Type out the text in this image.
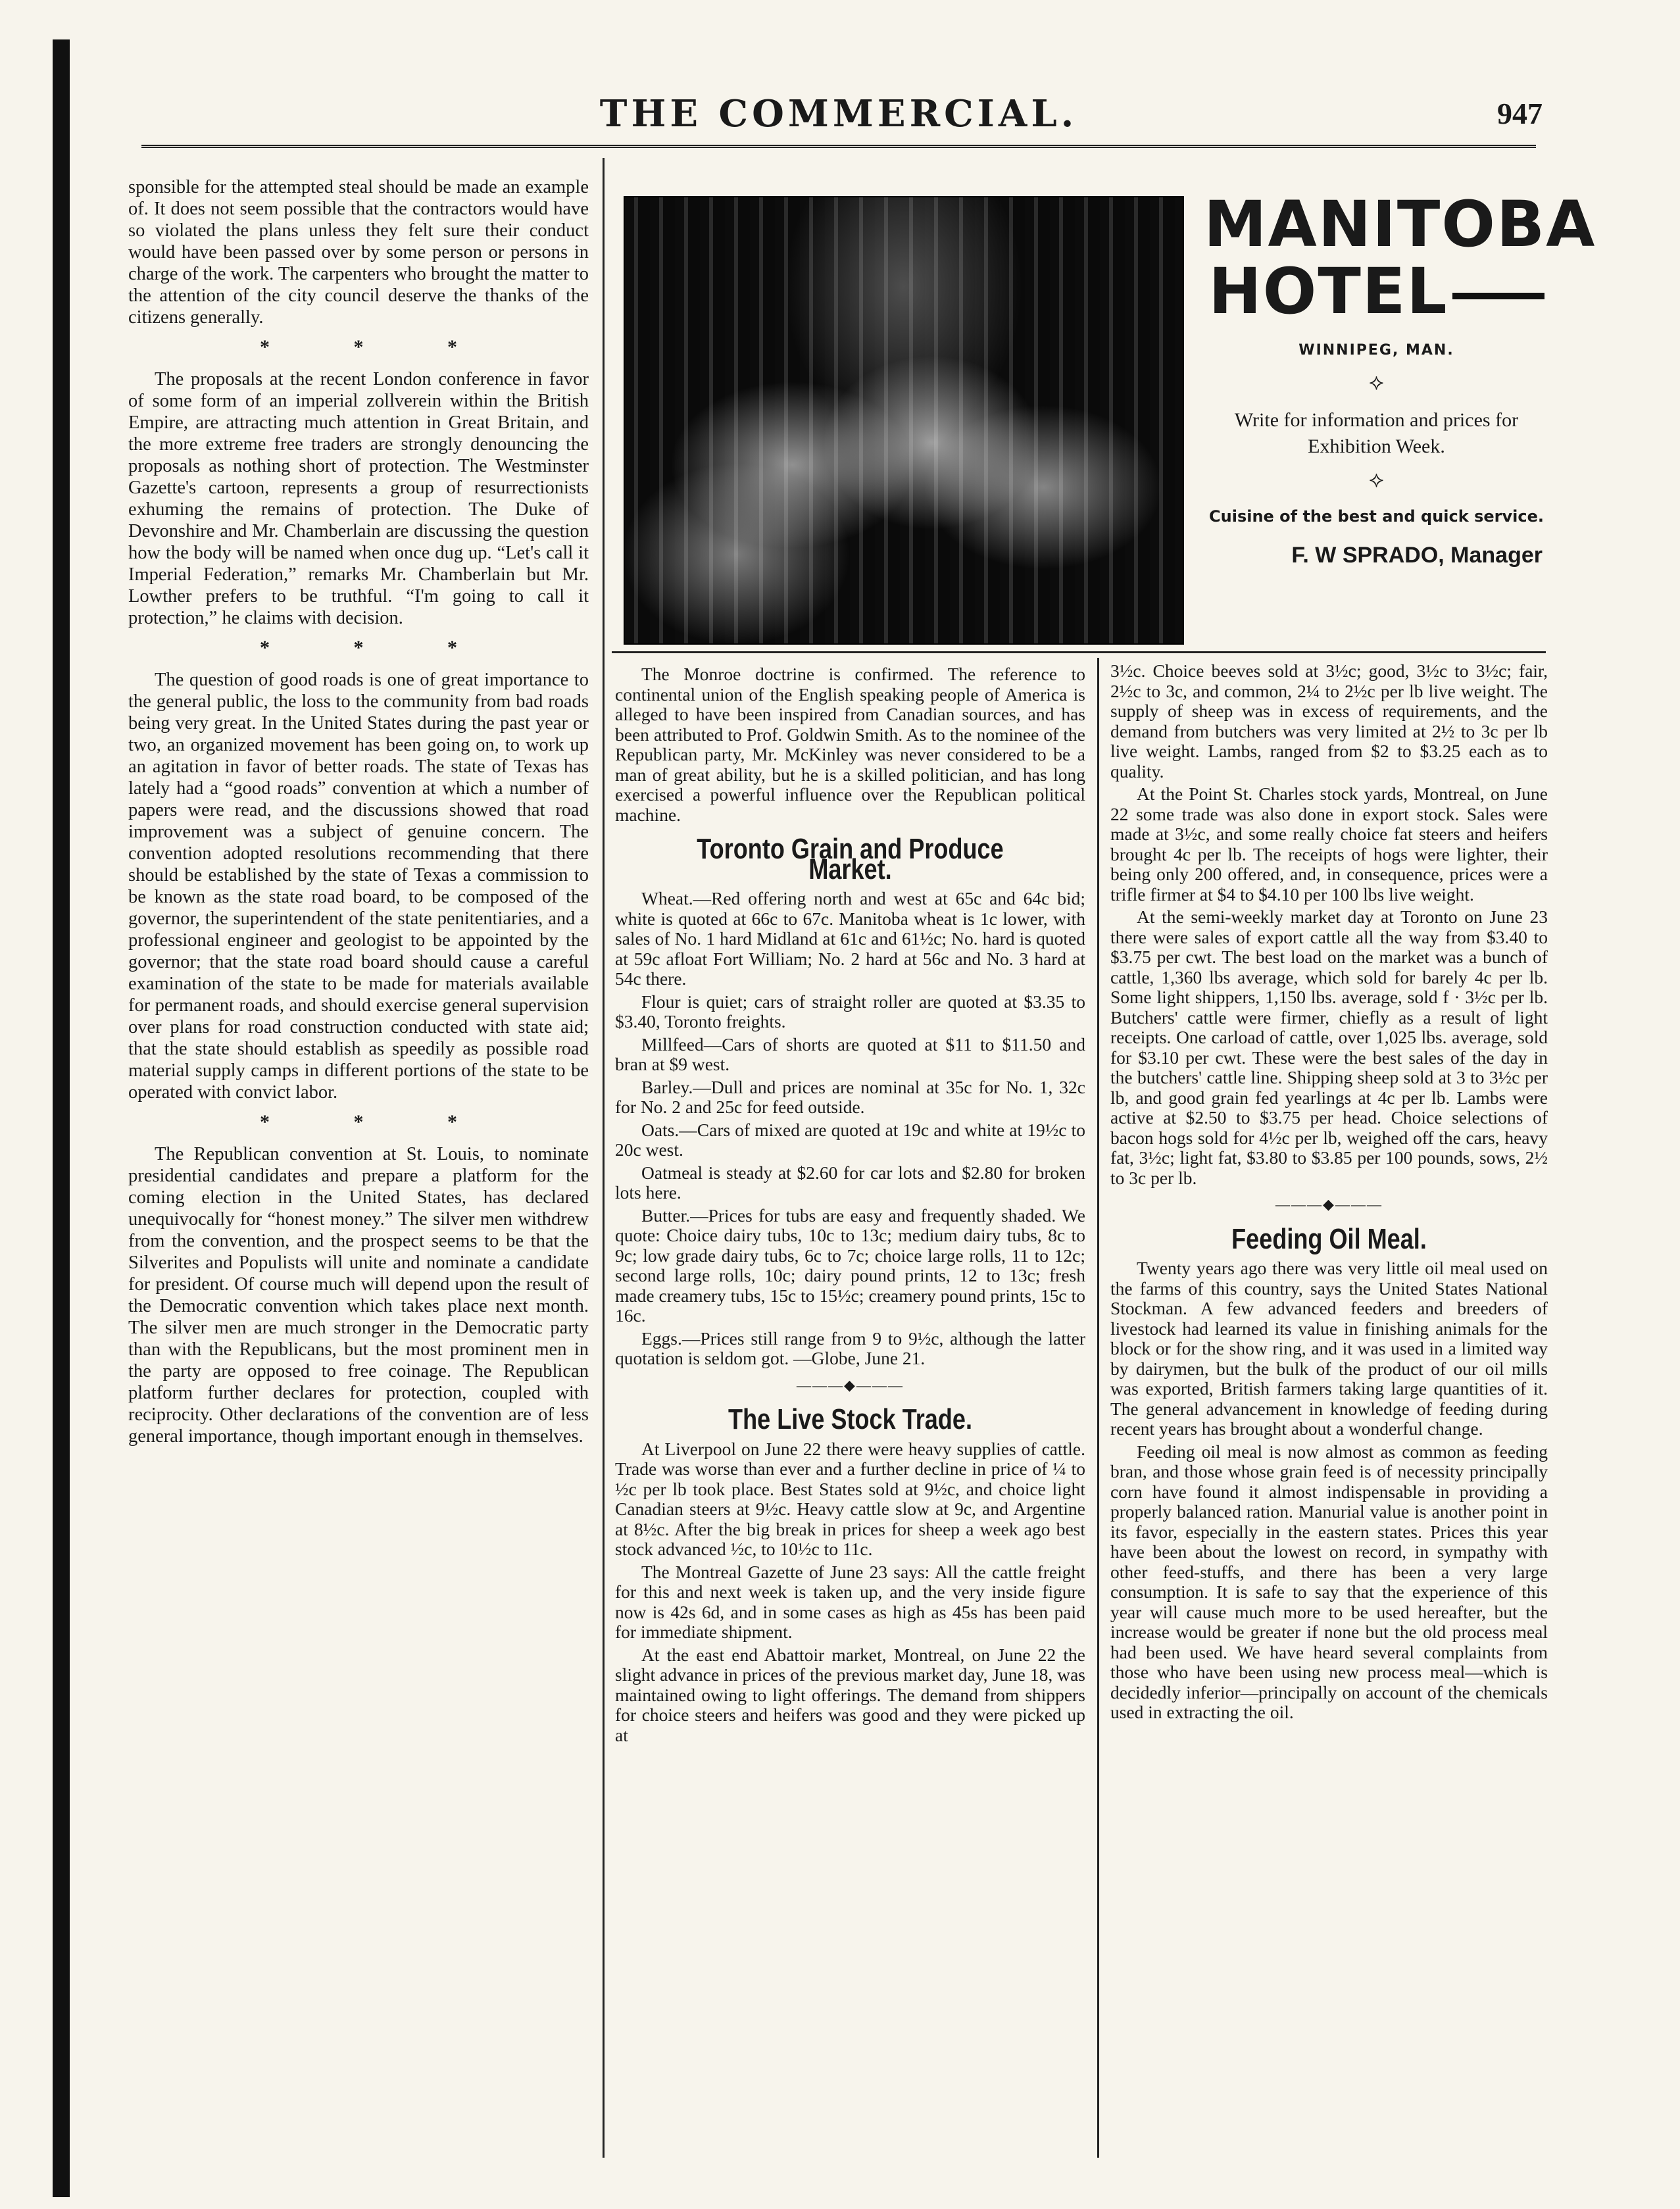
THE COMMERCIAL.	947

sponsible for the attempted steal should be made an example of. It does not seem possible that the contractors would have so violated the plans unless they felt sure their conduct would have been passed over by some person or persons in charge of the work. The carpenters who brought the matter to the attention of the city council deserve the thanks of the citizens generally.

* * *

The proposals at the recent London conference in favor of some form of an imperial zollverein within the British Empire, are attracting much attention in Great Britain, and the more extreme free traders are strongly denouncing the proposals as nothing short of protection. The Westminster Gazette's cartoon, represents a group of resurrectionists exhuming the remains of protection. The Duke of Devonshire and Mr. Chamberlain are discussing the question how the body will be named when once dug up. “Let's call it Imperial Federation,” remarks Mr. Chamberlain but Mr. Lowther prefers to be truthful. “I'm going to call it protection,” he claims with decision.

* * *

The question of good roads is one of great importance to the general public, the loss to the community from bad roads being very great. In the United States during the past year or two, an organized movement has been going on, to work up an agitation in favor of better roads. The state of Texas has lately had a “good roads” convention at which a number of papers were read, and the discussions showed that road improvement was a subject of genuine concern. The convention adopted resolutions recommending that there should be established by the state of Texas a commission to be known as the state road board, to be composed of the governor, the superintendent of the state penitentiaries, and a professional engineer and geologist to be appointed by the governor; that the state road board should cause a careful examination of the state to be made for materials available for permanent roads, and should exercise general supervision over plans for road construction conducted with state aid; that the state should establish as speedily as possible road material supply camps in different portions of the state to be operated with convict labor.

* * *

The Republican convention at St. Louis, to nominate presidential candidates and prepare a platform for the coming election in the United States, has declared unequivocally for “honest money.” The silver men withdrew from the convention, and the prospect seems to be that the Silverites and Populists will unite and nominate a candidate for president. Of course much will depend upon the result of the Democratic convention which takes place next month. The silver men are much stronger in the Democratic party than with the Republicans, but the most prominent men in the party are opposed to free coinage. The Republican platform further declares for protection, coupled with reciprocity. Other declarations of the convention are of less general importance, though important enough in themselves.

MANITOBA
HOTEL
WINNIPEG, MAN.
⟡
Write for information and prices for Exhibition Week.
⟡
Cuisine of the best and quick service.
F. W SPRADO, Manager

The Monroe doctrine is confirmed. The reference to continental union of the English speaking people of America is alleged to have been inspired from Canadian sources, and has been attributed to Prof. Goldwin Smith. As to the nominee of the Republican party, Mr. McKinley was never considered to be a man of great ability, but he is a skilled politician, and has long exercised a powerful influence over the Republican political machine.

Toronto Grain and Produce Market.

Wheat.—Red offering north and west at 65c and 64c bid; white is quoted at 66c to 67c. Manitoba wheat is 1c lower, with sales of No. 1 hard Midland at 61c and 61½c; No. hard is quoted at 59c afloat Fort William; No. 2 hard at 56c and No. 3 hard at 54c there.

Flour is quiet; cars of straight roller are quoted at $3.35 to $3.40, Toronto freights.

Millfeed—Cars of shorts are quoted at $11 to $11.50 and bran at $9 west.

Barley.—Dull and prices are nominal at 35c for No. 1, 32c for No. 2 and 25c for feed outside.

Oats.—Cars of mixed are quoted at 19c and white at 19½c to 20c west.

Oatmeal is steady at $2.60 for car lots and $2.80 for broken lots here.

Butter.—Prices for tubs are easy and frequently shaded. We quote: Choice dairy tubs, 10c to 13c; medium dairy tubs, 8c to 9c; low grade dairy tubs, 6c to 7c; choice large rolls, 11 to 12c; second large rolls, 10c; dairy pound prints, 12 to 13c; fresh made creamery tubs, 15c to 15½c; creamery pound prints, 15c to 16c.

Eggs.—Prices still range from 9 to 9½c, although the latter quotation is seldom got. —Globe, June 21.

———◆———
The Live Stock Trade.

At Liverpool on June 22 there were heavy supplies of cattle. Trade was worse than ever and a further decline in price of ¼ to ½c per lb took place. Best States sold at 9½c, and choice light Canadian steers at 9½c. Heavy cattle slow at 9c, and Argentine at 8½c. After the big break in prices for sheep a week ago best stock advanced ½c, to 10½c to 11c.

The Montreal Gazette of June 23 says: All the cattle freight for this and next week is taken up, and the very inside figure now is 42s 6d, and in some cases as high as 45s has been paid for immediate shipment.

At the east end Abattoir market, Montreal, on June 22 the slight advance in prices of the previous market day, June 18, was maintained owing to light offerings. The demand from shippers for choice steers and heifers was good and they were picked up at

3½c. Choice beeves sold at 3½c; good, 3½c to 3½c; fair, 2½c to 3c, and common, 2¼ to 2½c per lb live weight. The supply of sheep was in excess of requirements, and the demand from butchers was very limited at 2½ to 3c per lb live weight. Lambs, ranged from $2 to $3.25 each as to quality.

At the Point St. Charles stock yards, Montreal, on June 22 some trade was also done in export stock. Sales were made at 3½c, and some really choice fat steers and heifers brought 4c per lb. The receipts of hogs were lighter, their being only 200 offered, and, in consequence, prices were a trifle firmer at $4 to $4.10 per 100 lbs live weight.

At the semi-weekly market day at Toronto on June 23 there were sales of export cattle all the way from $3.40 to $3.75 per cwt. The best load on the market was a bunch of cattle, 1,360 lbs average, which sold for barely 4c per lb. Some light shippers, 1,150 lbs. average, sold f · 3½c per lb. Butchers' cattle were firmer, chiefly as a result of light receipts. One carload of cattle, over 1,025 lbs. average, sold for $3.10 per cwt. These were the best sales of the day in the butchers' cattle line. Shipping sheep sold at 3 to 3½c per lb, and good grain fed yearlings at 4c per lb. Lambs were active at $2.50 to $3.75 per head. Choice selections of bacon hogs sold for 4½c per lb, weighed off the cars, heavy fat, 3½c; light fat, $3.80 to $3.85 per 100 pounds, sows, 2½ to 3c per lb.

———◆———
Feeding Oil Meal.

Twenty years ago there was very little oil meal used on the farms of this country, says the United States National Stockman. A few advanced feeders and breeders of livestock had learned its value in finishing animals for the block or for the show ring, and it was used in a limited way by dairymen, but the bulk of the product of our oil mills was exported, British farmers taking large quantities of it. The general advancement in knowledge of feeding during recent years has brought about a wonderful change.

Feeding oil meal is now almost as common as feeding bran, and those whose grain feed is of necessity principally corn have found it almost indispensable in providing a properly balanced ration. Manurial value is another point in its favor, especially in the eastern states. Prices this year have been about the lowest on record, in sympathy with other feed-stuffs, and there has been a very large consumption. It is safe to say that the experience of this year will cause much more to be used hereafter, but the increase would be greater if none but the old process meal had been used. We have heard several complaints from those who have been using new process meal—which is decidedly inferior—principally on account of the chemicals used in extracting the oil.
